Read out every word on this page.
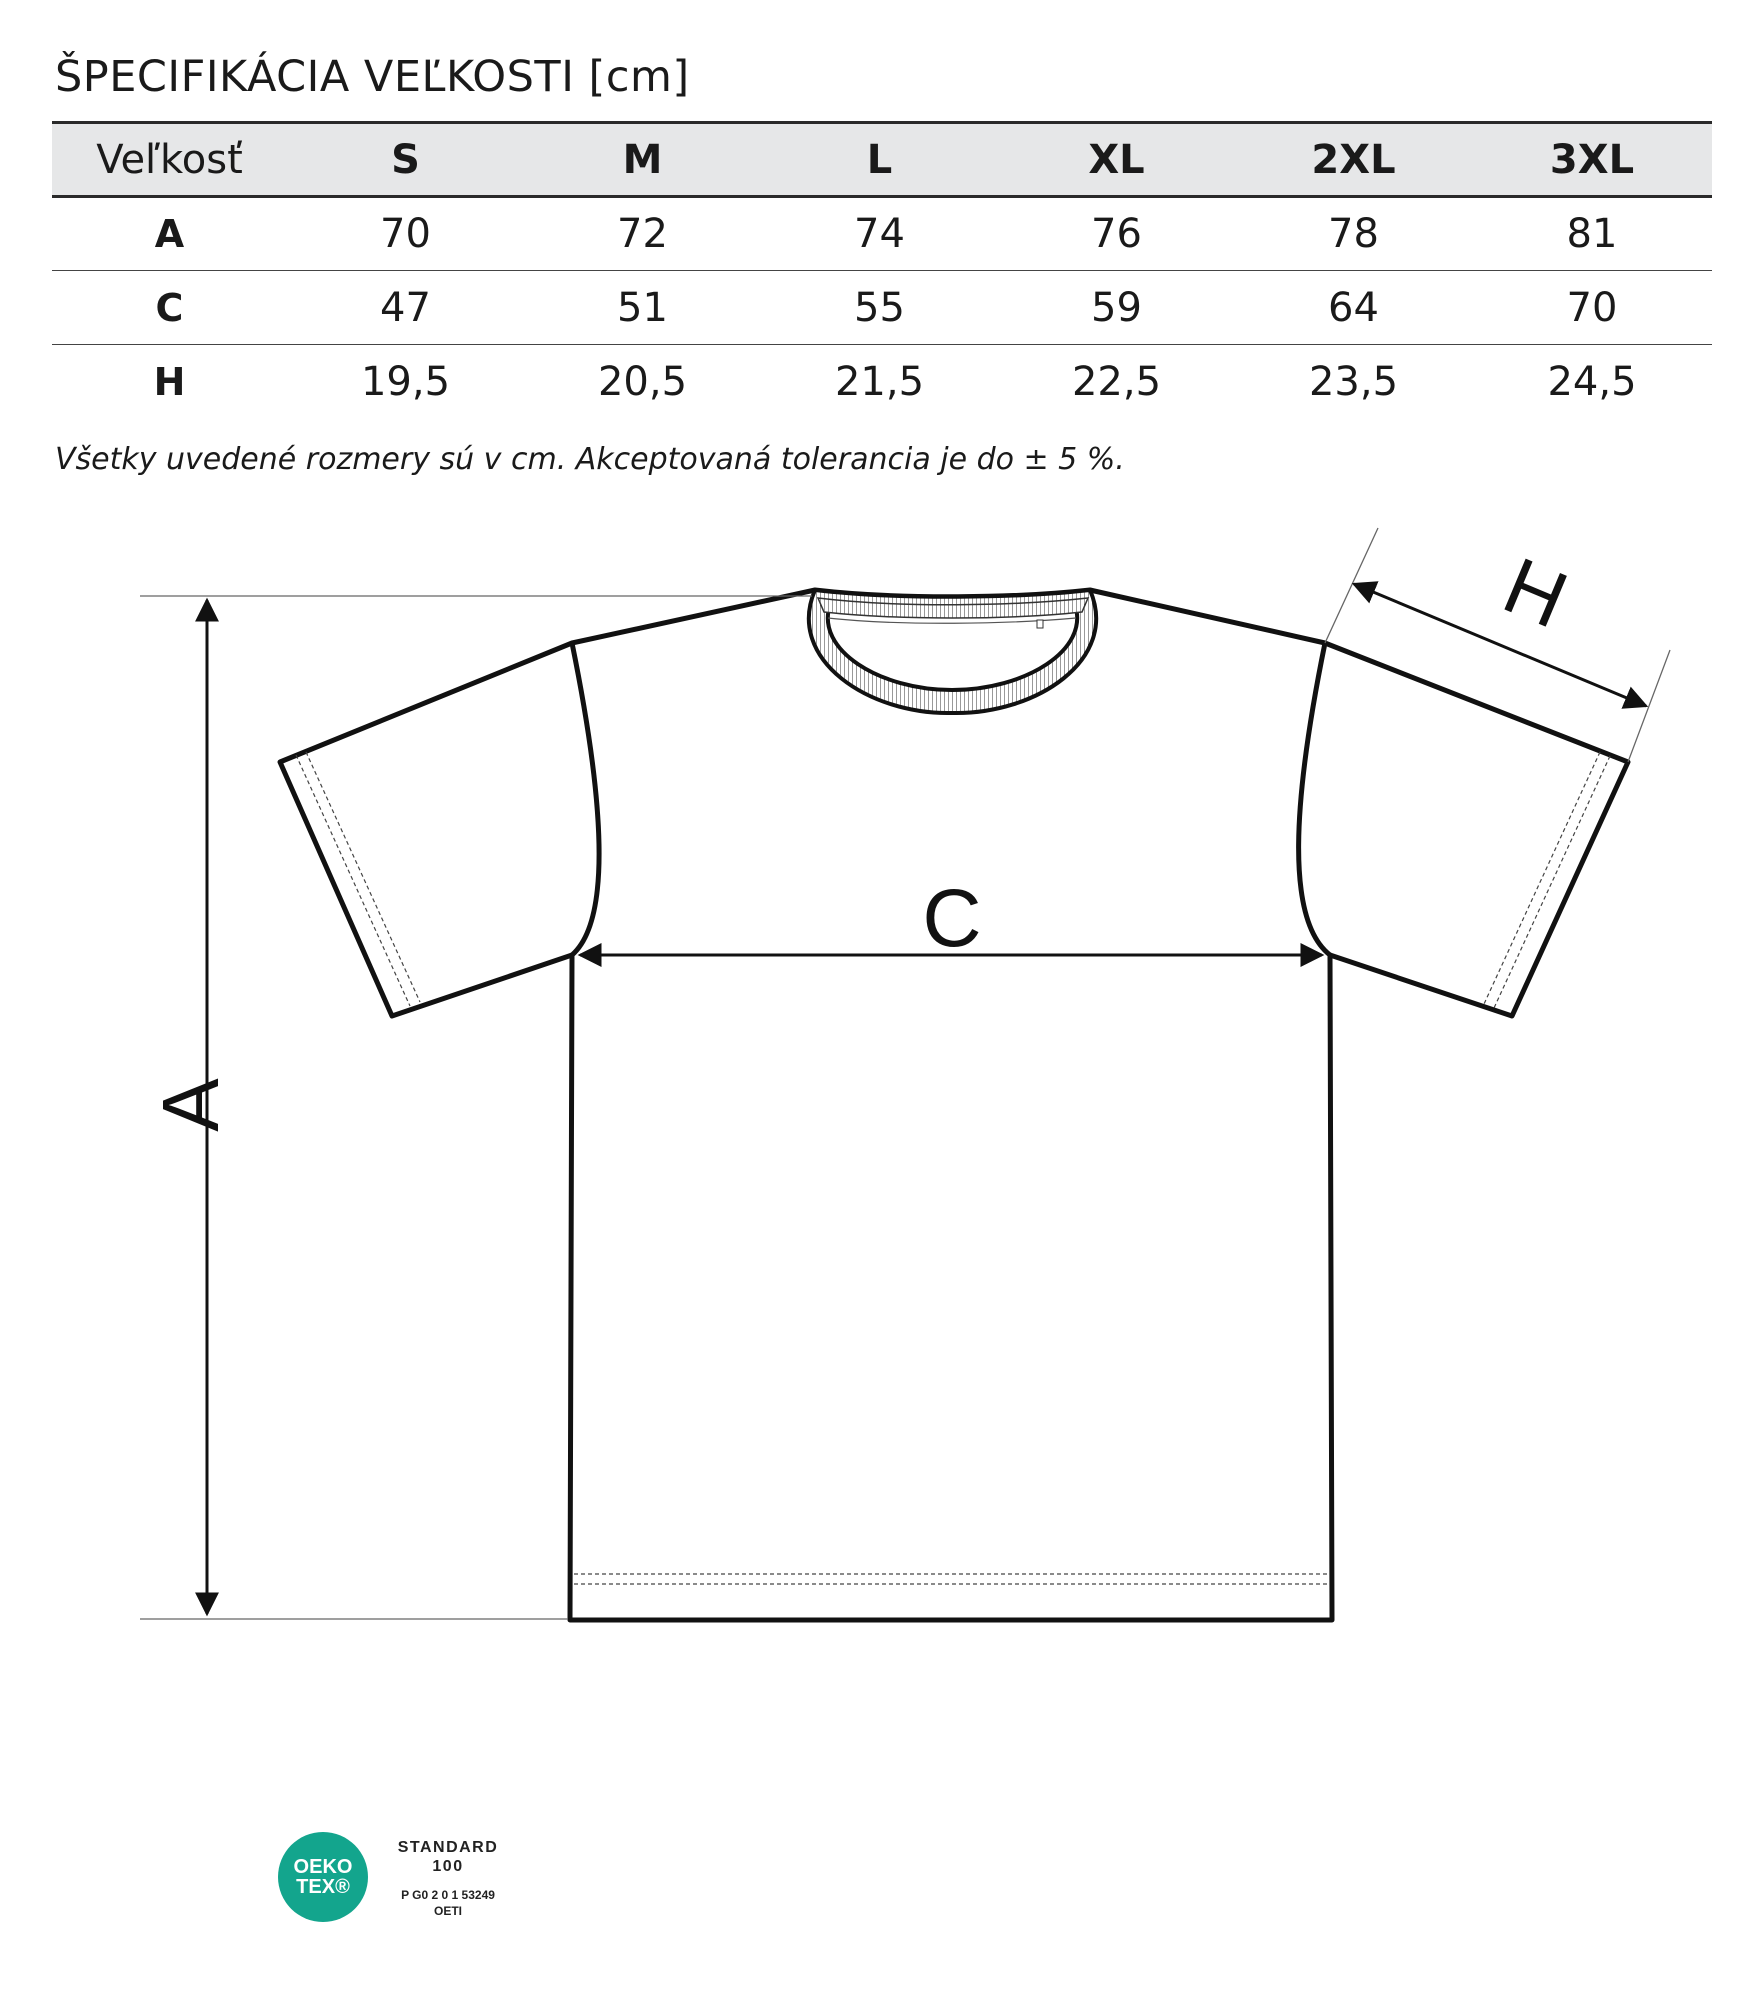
ŠPECIFIKÁCIA VEĽKOSTI [cm]
Veľkosť	S	M	L	XL	2XL	3XL
A	70	72	74	76	78	81
C	47	51	55	59	64	70
H	19,5	20,5	21,5	22,5	23,5	24,5

Všetky uvedené rozmery sú v cm. Akceptovaná tolerancia je do ± 5 %.

A
C
H
OEKO
TEX®
STANDARD
100
P G0 2 0 1 53249
OETI
